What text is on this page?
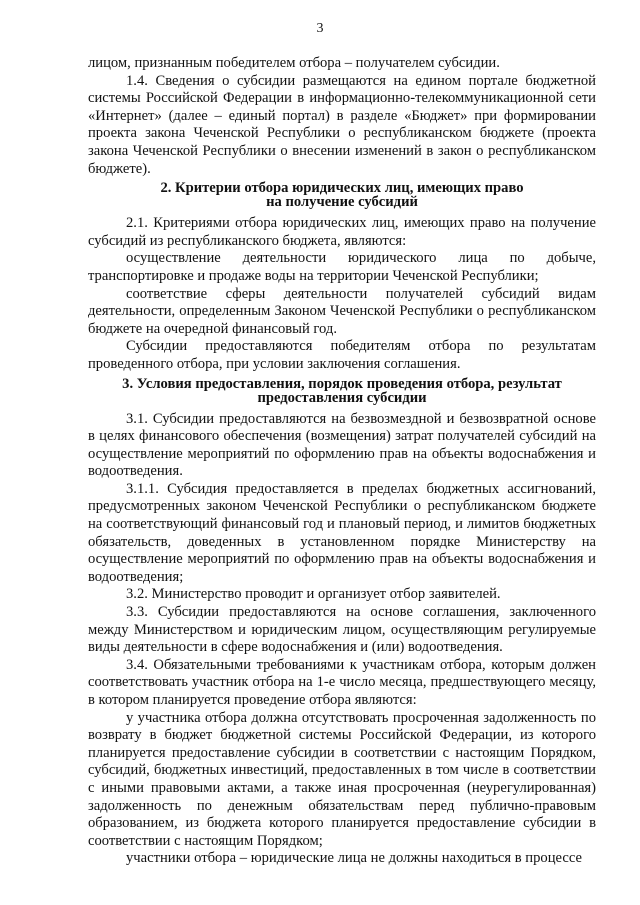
3

лицом, признанным победителем отбора – получателем субсидии.

1.4. Сведения о субсидии размещаются на едином портале бюджетной системы Российской Федерации в информационно-телекоммуникационной сети «Интернет» (далее – единый портал) в разделе «Бюджет» при формировании проекта закона Чеченской Республики о республиканском бюджете (проекта закона Чеченской Республики о внесении изменений в закон о республиканском бюджете).

2. Критерии отбора юридических лиц, имеющих право
на получение субсидий

2.1. Критериями отбора юридических лиц, имеющих право на получение субсидий из республиканского бюджета, являются:

осуществление деятельности юридического лица по добыче, транспортировке и продаже воды на территории Чеченской Республики;

соответствие сферы деятельности получателей субсидий видам деятельности, определенным Законом Чеченской Республики о республиканском бюджете на очередной финансовый год.

Субсидии предоставляются победителям отбора по результатам проведенного отбора, при условии заключения соглашения.

3. Условия предоставления, порядок проведения отбора, результат
предоставления субсидии

3.1. Субсидии предоставляются на безвозмездной и безвозвратной основе в целях финансового обеспечения (возмещения) затрат получателей субсидий на осуществление мероприятий по оформлению прав на объекты водоснабжения и водоотведения.

3.1.1. Субсидия предоставляется в пределах бюджетных ассигнований, предусмотренных законом Чеченской Республики о республиканском бюджете на соответствующий финансовый год и плановый период, и лимитов бюджетных обязательств, доведенных в установленном порядке Министерству на осуществление мероприятий по оформлению прав на объекты водоснабжения и водоотведения;

3.2. Министерство проводит и организует отбор заявителей.

3.3. Субсидии предоставляются на основе соглашения, заключенного между Министерством и юридическим лицом, осуществляющим регулируемые виды деятельности в сфере водоснабжения и (или) водоотведения.

3.4. Обязательными требованиями к участникам отбора, которым должен соответствовать участник отбора на 1-е число месяца, предшествующего месяцу, в котором планируется проведение отбора являются:

у участника отбора должна отсутствовать просроченная задолженность по возврату в бюджет бюджетной системы Российской Федерации, из которого планируется предоставление субсидии в соответствии с настоящим Порядком, субсидий, бюджетных инвестиций, предоставленных в том числе в соответствии с иными правовыми актами, а также иная просроченная (неурегулированная) задолженность по денежным обязательствам перед публично-правовым образованием, из бюджета которого планируется предоставление субсидии в соответствии с настоящим Порядком;

участники отбора – юридические лица не должны находиться в процессе
